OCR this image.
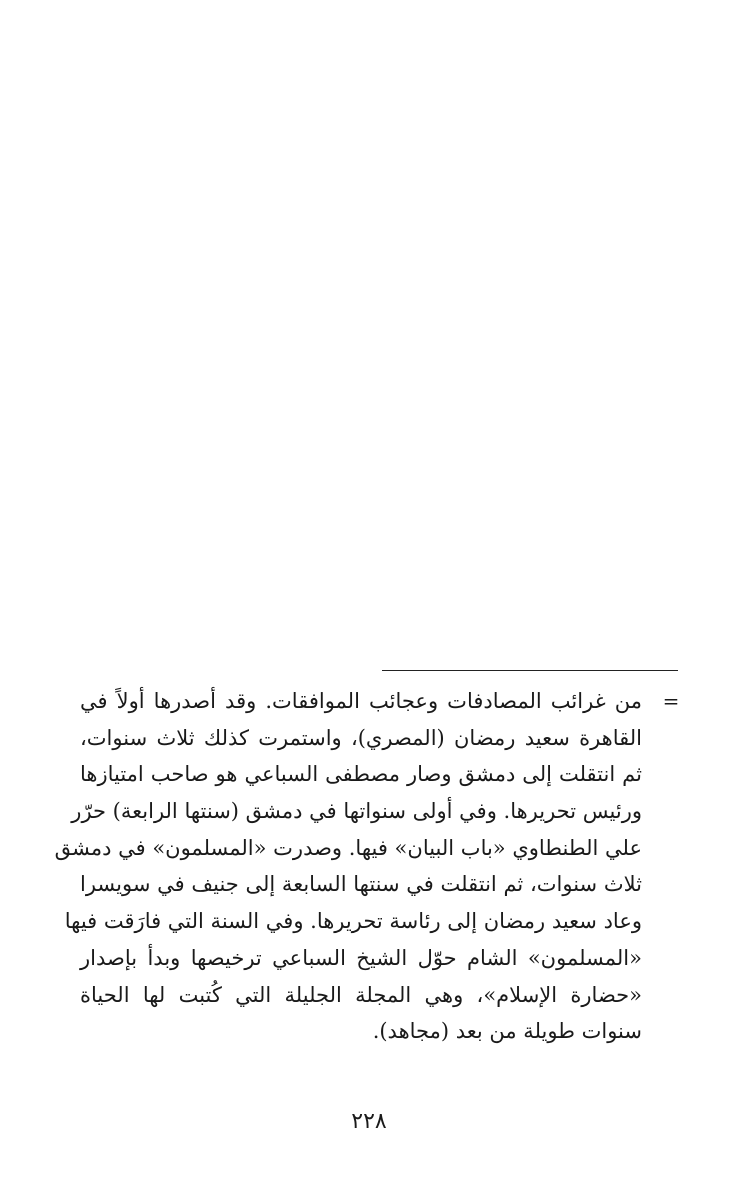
=
من غرائب المصادفات وعجائب الموافقات. وقد أصدرها أولاً في
القاهرة سعيد رمضان (المصري)، واستمرت كذلك ثلاث سنوات،
ثم انتقلت إلى دمشق وصار مصطفى السباعي هو صاحب امتيازها
ورئيس تحريرها. وفي أولى سنواتها في دمشق (سنتها الرابعة) حرّر
علي الطنطاوي «باب البيان» فيها. وصدرت «المسلمون» في دمشق
ثلاث سنوات، ثم انتقلت في سنتها السابعة إلى جنيف في سويسرا
وعاد سعيد رمضان إلى رئاسة تحريرها. وفي السنة التي فارَقت فيها
«المسلمون» الشام حوّل الشيخ السباعي ترخيصها وبدأ بإصدار
«حضارة الإسلام»، وهي المجلة الجليلة التي كُتبت لها الحياة
سنوات طويلة من بعد (مجاهد).
٢٢٨
